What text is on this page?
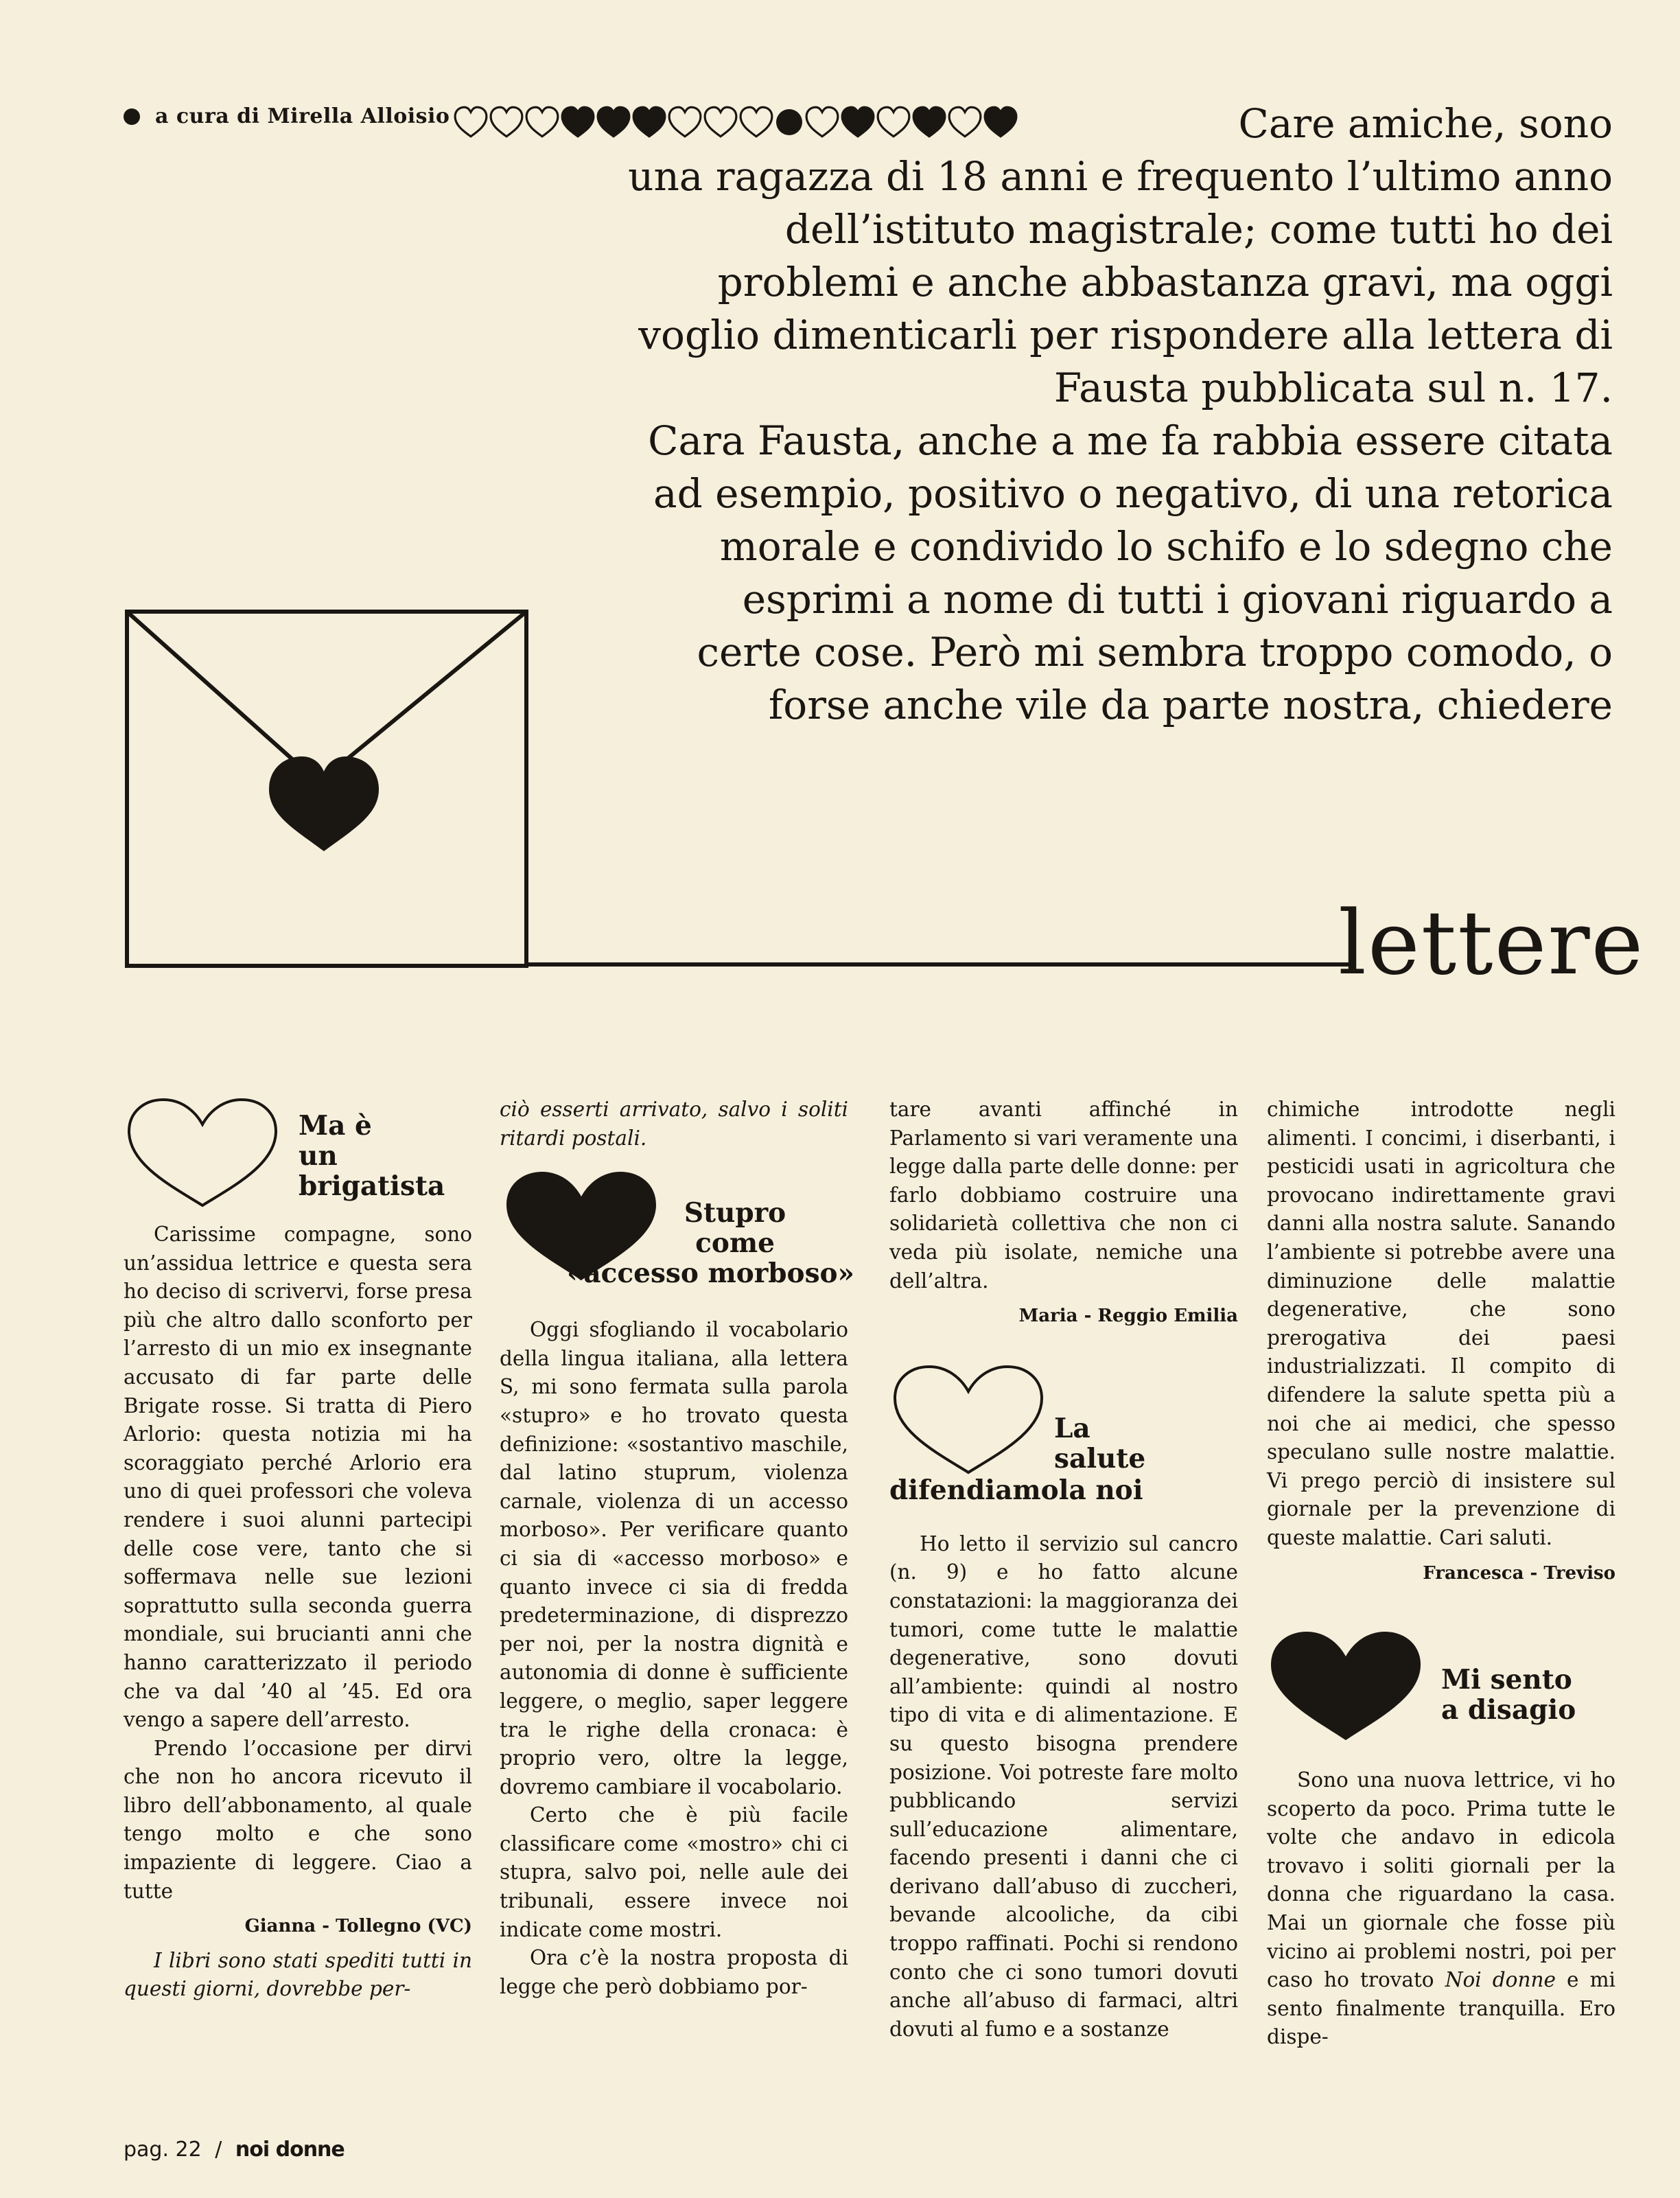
a cura di Mirella Alloisio	Care amiche, sono
una ragazza di 18 anni e frequento l’ultimo anno
dell’istituto magistrale; come tutti ho dei
problemi e anche abbastanza gravi, ma oggi
voglio dimenticarli per rispondere alla lettera di
Fausta pubblicata sul n. 17.
Cara Fausta, anche a me fa rabbia essere citata
ad esempio, positivo o negativo, di una retorica
morale e condivido lo schifo e lo sdegno che
esprimi a nome di tutti i giovani riguardo a
certe cose. Però mi sembra troppo comodo, o
forse anche vile da parte nostra, chiedere

lettere
Ma è
un
brigatista

Carissime compagne, sono un’assidua lettrice e questa sera ho deciso di scrivervi, forse presa più che altro dallo sconforto per l’arresto di un mio ex insegnante accusato di far parte delle Brigate rosse. Si tratta di Piero Arlorio: questa notizia mi ha scoraggiato perché Arlorio era uno di quei professori che voleva rendere i suoi alunni partecipi delle cose vere, tanto che si soffermava nelle sue lezioni soprattutto sulla seconda guerra mondiale, sui brucianti anni che hanno caratterizzato il periodo che va dal ’40 al ’45. Ed ora vengo a sapere dell’arresto.

Prendo l’occasione per dirvi che non ho ancora ricevuto il libro dell’abbonamento, al quale tengo molto e che sono impaziente di leggere. Ciao a tutte

Gianna - Tollegno (VC)

I libri sono stati spediti tutti in questi giorni, dovrebbe per-

ciò esserti arrivato, salvo i soliti ritardi postali.

Stupro
come
«accesso morboso»

Oggi sfogliando il vocabolario della lingua italiana, alla lettera S, mi sono fermata sulla parola «stupro» e ho trovato questa definizione: «sostantivo maschile, dal latino stuprum, violenza carnale, violenza di un accesso morboso». Per verificare quanto ci sia di «accesso morboso» e quanto invece ci sia di fredda predeterminazione, di disprezzo per noi, per la nostra dignità e autonomia di donne è sufficiente leggere, o meglio, saper leggere tra le righe della cronaca: è proprio vero, oltre la legge, dovremo cambiare il vocabolario.

Certo che è più facile classificare come «mostro» chi ci stupra, salvo poi, nelle aule dei tribunali, essere invece noi indicate come mostri.

Ora c’è la nostra proposta di legge che però dobbiamo por-

tare avanti affinché in Parlamento si vari veramente una legge dalla parte delle donne: per farlo dobbiamo costruire una solidarietà collettiva che non ci veda più isolate, nemiche una dell’altra.

Maria - Reggio Emilia
La
salute
difendiamola noi

Ho letto il servizio sul cancro (n. 9) e ho fatto alcune constatazioni: la maggioranza dei tumori, come tutte le malattie degenerative, sono dovuti all’ambiente: quindi al nostro tipo di vita e di alimentazione. E su questo bisogna prendere posizione. Voi potreste fare molto pubblicando servizi sull’educazione alimentare, facendo presenti i danni che ci derivano dall’abuso di zuccheri, bevande alcooliche, da cibi troppo raffinati. Pochi si rendono conto che ci sono tumori dovuti anche all’abuso di farmaci, altri dovuti al fumo e a sostanze

chimiche introdotte negli alimenti. I concimi, i diserbanti, i pesticidi usati in agricoltura che provocano indirettamente gravi danni alla nostra salute. Sanando l’ambiente si potrebbe avere una diminuzione delle malattie degenerative, che sono prerogativa dei paesi industrializzati. Il compito di difendere la salute spetta più a noi che ai medici, che spesso speculano sulle nostre malattie. Vi prego perciò di insistere sul giornale per la prevenzione di queste malattie. Cari saluti.

Francesca - Treviso
Mi sento
a disagio

Sono una nuova lettrice, vi ho scoperto da poco. Prima tutte le volte che andavo in edicola trovavo i soliti giornali per la donna che riguardano la casa. Mai un giornale che fosse più vicino ai problemi nostri, poi per caso ho trovato Noi donne e mi sento finalmente tranquilla. Ero dispe-

pag. 22 / noi donne
